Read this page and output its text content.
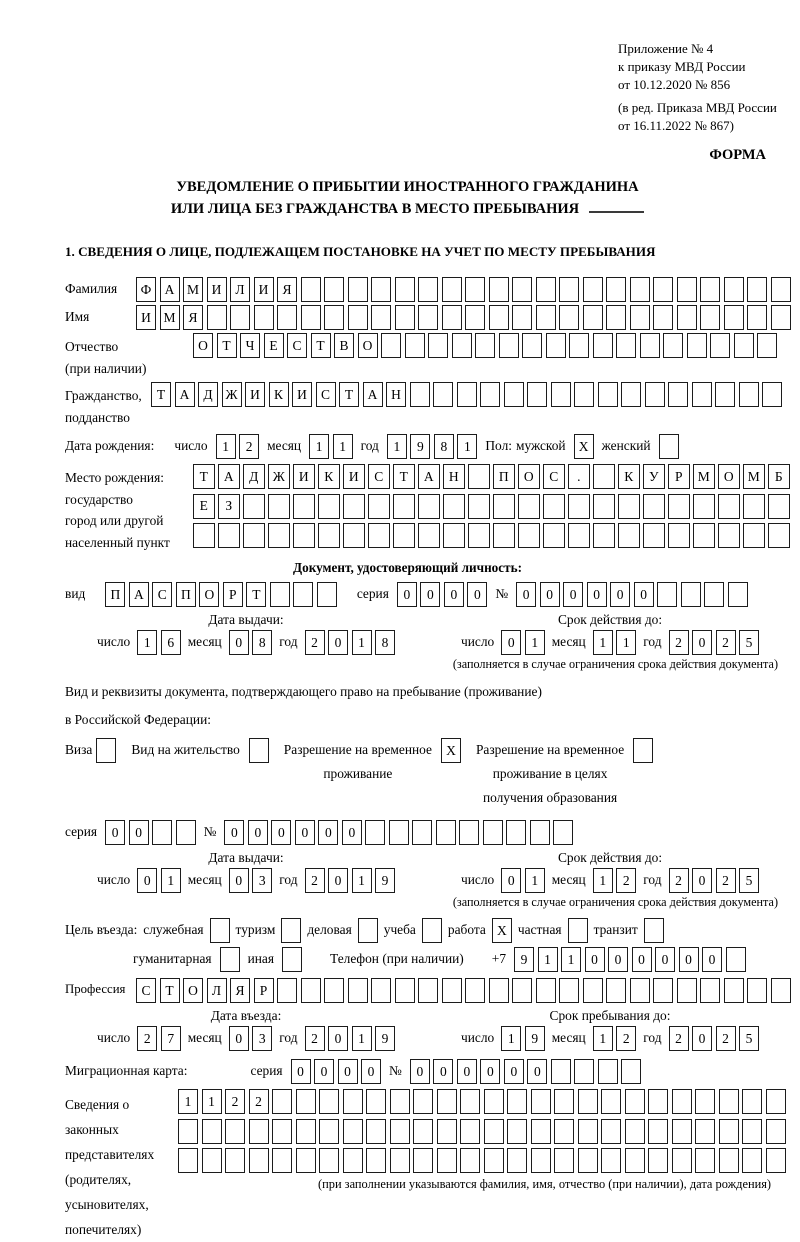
Приложение № 4
к приказу МВД России
от 10.12.2020 № 856
(в ред. Приказа МВД России
от 16.11.2022 № 867)
ФОРМА
УВЕДОМЛЕНИЕ О ПРИБЫТИИ ИНОСТРАННОГО ГРАЖДАНИНА
ИЛИ ЛИЦА БЕЗ ГРАЖДАНСТВА В МЕСТО ПРЕБЫВАНИЯ
1. СВЕДЕНИЯ О ЛИЦЕ, ПОДЛЕЖАЩЕМ ПОСТАНОВКЕ НА УЧЕТ ПО МЕСТУ ПРЕБЫВАНИЯ
Фамилия	Ф А М И	Л	И	Я
Имя	И М Я
Отчество
(при наличии)
О	Т	Ч	Е	С	Т	В	О
Гражданство,
подданство
Т	А	Д Ж И	К	И	С	Т	А	Н
Дата рождения: число	1	2	месяц	1	1	год	1	9	8	1	Пол: мужской X женский
Место рождения:
государство
город или другой
населенный пункт
Т	А	Д	Ж	И	К	И	С	Т	А	Н	П	О	С	.	К	У	Р	М	О	М	Б
Е	З
Документ, удостоверяющий личность:
вид	П	А	С	П	О	Р	Т	серия	0	0	0	0	№	0	0	0	0	0	0
Дата выдачи:
число	1	6	месяц	0	8	год	2	0	1	8
Срок действия до:
число	0	1	месяц	1	1	год	2	0	2	5
(заполняется в случае ограничения срока действия документа)
Вид и реквизиты документа, подтверждающего право на пребывание (проживание)
в Российской Федерации:
Виза	Вид на жительство	Разрешение на временное
проживание
X	Разрешение на временное
проживание в целях
получения образования
серия	0	0	№	0	0	0	0	0	0
Дата выдачи:
число	0	1	месяц	0	3	год	2	0	1	9
Срок действия до:
число	0	1	месяц	1	2	год	2	0	2	5
(заполняется в случае ограничения срока действия документа)
Цель въезда: служебная туризм деловая учеба работа X частная транзит
гуманитарная	иная	Телефон (при наличии) +7	9	1	1	0	0	0	0	0	0
Профессия	С	Т	О	Л	Я	Р
Дата въезда:
число	2	7	месяц	0	3	год	2	0	1	9
Срок пребывания до:
число	1	9	месяц	1	2	год	2	0	2	5
Миграционная карта:	серия	0	0	0	0	№	0	0	0	0	0	0
Сведения о
законных
представителях
(родителях,
усыновителях,
попечителях)
1	1	2	2
(при заполнении указываются фамилия, имя, отчество (при наличии), дата рождения)
